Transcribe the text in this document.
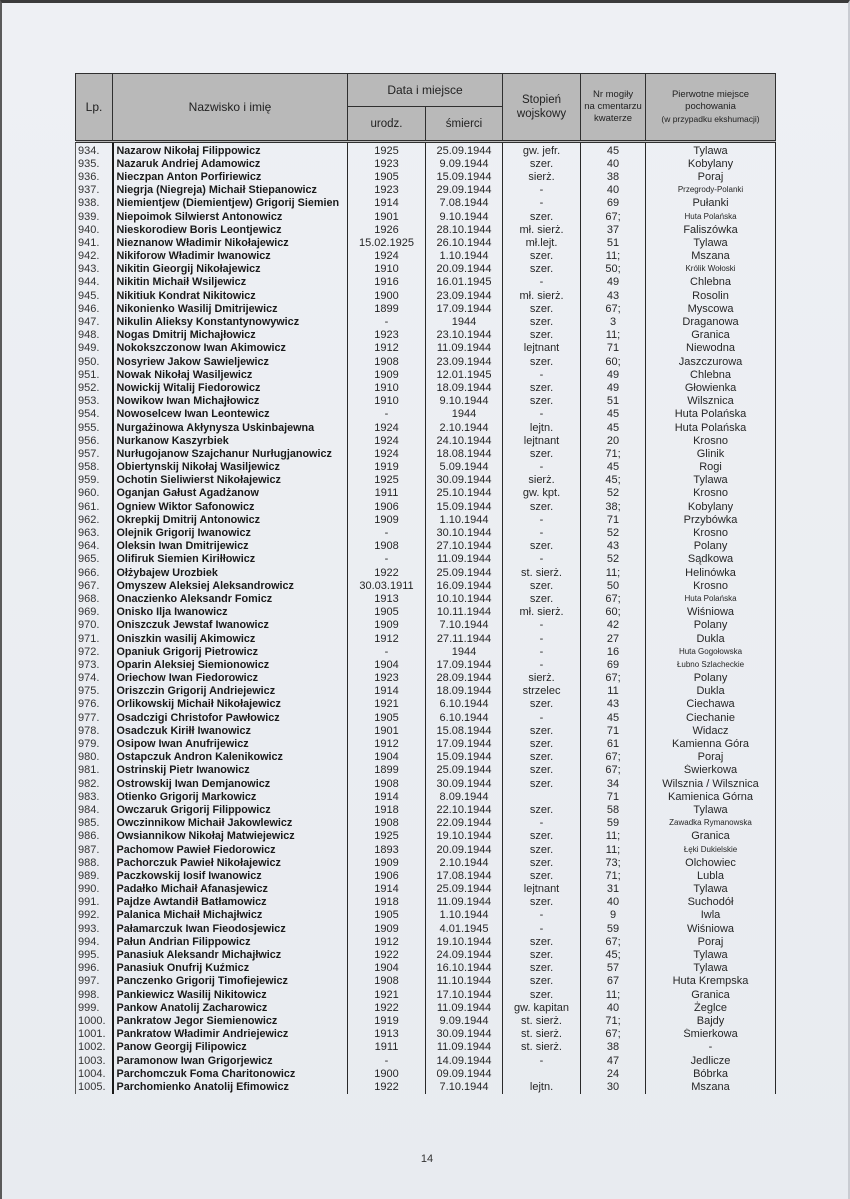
Lp.	Nazwisko i imię	Data i miejsce		Stopień wojskowy	Nr mogiły
na cmentarzu
kwaterze	Pierwotne miejsce
pochowania
(w przypadku ekshumacji)
		urodz.	śmierci			
934.	Nazarow Nikołaj Filippowicz	1925	25.09.1944	gw. jefr.	45	Tylawa
935.	Nazaruk Andriej Adamowicz	1923	9.09.1944	szer.	40	Kobylany
936.	Nieczpan Anton Porfiriewicz	1905	15.09.1944	sierż.	38	Poraj
937.	Niegrja (Niegreja) Michaił Stiepanowicz	1923	29.09.1944	-	40	Przegrody-Polanki
938.	Niemientjew (Diemientjew) Grigorij Siemien	1914	7.08.1944	-	69	Pułanki
939.	Niepoimok Silwierst Antonowicz	1901	9.10.1944	szer.	67;	Huta Polańska
940.	Nieskorodiew Boris Leontjewicz	1926	28.10.1944	mł. sierż.	37	Faliszówka
941.	Nieznanow Władimir Nikołajewicz	15.02.1925	26.10.1944	mł.lejt.	51	Tylawa
942.	Nikiforow Władimir Iwanowicz	1924	1.10.1944	szer.	11;	Mszana
943.	Nikitin Gieorgij Nikołajewicz	1910	20.09.1944	szer.	50;	Królik Wołoski
944.	Nikitin Michaił Wsiljewicz	1916	16.01.1945	-	49	Chlebna
945.	Nikitiuk Kondrat Nikitowicz	1900	23.09.1944	mł. sierż.	43	Rosolin
946.	Nikonienko Wasilij Dmitrijewicz	1899	17.09.1944	szer.	67;	Myscowa
947.	Nikulin Alieksy Konstantynowywicz	-	1944	szer.	3	Draganowa
948.	Nogas Dmitrij Michajłowicz	1923	23.10.1944	szer.	11;	Granica
949.	Nokokszczonow Iwan Akimowicz	1912	11.09.1944	lejtnant	71	Niewodna
950.	Nosyriew Jakow Sawieljewicz	1908	23.09.1944	szer.	60;	Jaszczurowa
951.	Nowak Nikołaj Wasiljewicz	1909	12.01.1945	-	49	Chlebna
952.	Nowickij Witalij Fiedorowicz	1910	18.09.1944	szer.	49	Głowienka
953.	Nowikow Iwan Michajłowicz	1910	9.10.1944	szer.	51	Wilsznica
954.	Nowoselcew Iwan Leontewicz	-	1944	-	45	Huta Polańska
955.	Nurgażinowa Akłynysza Uskinbajewna	1924	2.10.1944	lejtn.	45	Huta Polańska
956.	Nurkanow Kaszyrbiek	1924	24.10.1944	lejtnant	20	Krosno
957.	Nurługojanow Szajchanur Nurługjanowicz	1924	18.08.1944	szer.	71;	Glinik
958.	Obiertynskij Nikołaj Wasiljewicz	1919	5.09.1944	-	45	Rogi
959.	Ochotin Sieliwierst Nikołajewicz	1925	30.09.1944	sierż.	45;	Tylawa
960.	Oganjan Gałust Agadżanow	1911	25.10.1944	gw. kpt.	52	Krosno
961.	Ogniew Wiktor Safonowicz	1906	15.09.1944	szer.	38;	Kobylany
962.	Okrepkij Dmitrij Antonowicz	1909	1.10.1944	-	71	Przybówka
963.	Olejnik Grigorij Iwanowicz	-	30.10.1944	-	52	Krosno
964.	Oleksin Iwan Dmitrijewicz	1908	27.10.1944	szer.	43	Polany
965.	Olifiruk Siemien Kiriłłowicz	-	11.09.1944	-	52	Sądkowa
966.	Ołżybajew Urozbiek	1922	25.09.1944	st. sierż.	11;	Helinówka
967.	Omyszew Aleksiej Aleksandrowicz	30.03.1911	16.09.1944	szer.	50	Krosno
968.	Onaczienko Aleksandr Fomicz	1913	10.10.1944	szer.	67;	Huta Polańska
969.	Onisko Ilja Iwanowicz	1905	10.11.1944	mł. sierż.	60;	Wiśniowa
970.	Oniszczuk Jewstaf Iwanowicz	1909	7.10.1944	-	42	Polany
971.	Oniszkin wasilij Akimowicz	1912	27.11.1944	-	27	Dukla
972.	Opaniuk Grigorij Pietrowicz	-	1944	-	16	Huta Gogołowska
973.	Oparin Aleksiej Siemionowicz	1904	17.09.1944	-	69	Łubno Szlacheckie
974.	Oriechow Iwan Fiedorowicz	1923	28.09.1944	sierż.	67;	Polany
975.	Oriszczin Grigorij Andriejewicz	1914	18.09.1944	strzelec	11	Dukla
976.	Orlikowskij Michaił Nikołajewicz	1921	6.10.1944	szer.	43	Ciechawa
977.	Osadczigi Christofor Pawłowicz	1905	6.10.1944	-	45	Ciechanie
978.	Osadczuk Kiriłł Iwanowicz	1901	15.08.1944	szer.	71	Widacz
979.	Osipow Iwan Anufrijewicz	1912	17.09.1944	szer.	61	Kamienna Góra
980.	Ostapczuk Andron Kalenikowicz	1904	15.09.1944	szer.	67;	Poraj
981.	Ostrinskij Pietr Iwanowicz	1899	25.09.1944	szer.	67;	Świerkowa
982.	Ostrowskij Iwan Demjanowicz	1908	30.09.1944	szer.	34	Wilsznia / Wilsznica
983.	Otienko Grigorij Markowicz	1914	8.09.1944		71	Kamienica Górna
984.	Owczaruk Grigorij Filippowicz	1918	22.10.1944	szer.	58	Tylawa
985.	Owczinnikow Michaił Jakowlewicz	1908	22.09.1944	-	59	Zawadka Rymanowska
986.	Owsiannikow Nikołaj Matwiejewicz	1925	19.10.1944	szer.	11;	Granica
987.	Pachomow Pawieł Fiedorowicz	1893	20.09.1944	szer.	11;	Łęki Dukielskie
988.	Pachorczuk Pawieł Nikołajewicz	1909	2.10.1944	szer.	73;	Olchowiec
989.	Paczkowskij Iosif Iwanowicz	1906	17.08.1944	szer.	71;	Lubla
990.	Padałko Michaił Afanasjewicz	1914	25.09.1944	lejtnant	31	Tylawa
991.	Pajdze Awtandił Batłamowicz	1918	11.09.1944	szer.	40	Suchodół
992.	Palanica Michaił Michajłwicz	1905	1.10.1944	-	9	Iwla
993.	Pałamarczuk Iwan Fieodosjewicz	1909	4.01.1945	-	59	Wiśniowa
994.	Pałun Andrian Filippowicz	1912	19.10.1944	szer.	67;	Poraj
995.	Panasiuk Aleksandr Michajłwicz	1922	24.09.1944	szer.	45;	Tylawa
996.	Panasiuk Onufrij Kuźmicz	1904	16.10.1944	szer.	57	Tylawa
997.	Panczenko Grigorij Timofiejewicz	1908	11.10.1944	szer.	67	Huta Krempska
998.	Pankiewicz Wasilij Nikitowicz	1921	17.10.1944	szer.	11;	Granica
999.	Pankow Anatolij Zacharowicz	1922	11.09.1944	gw. kapitan	40	Żeglce
1000.	Pankratow Jegor Siemienowicz	1919	9.09.1944	st. sierż.	71;	Bajdy
1001.	Pankratow Władimir Andriejewicz	1913	30.09.1944	st. sierż.	67;	Śmierkowa
1002.	Panow Georgij Filipowicz	1911	11.09.1944	st. sierż.	38	-
1003.	Paramonow Iwan Grigorjewicz	-	14.09.1944	-	47	Jedlicze
1004.	Parchomczuk Foma Charitonowicz	1900	09.09.1944		24	Bóbrka
1005.	Parchomienko Anatolij Efimowicz	1922	7.10.1944	lejtn.	30	Mszana
14
